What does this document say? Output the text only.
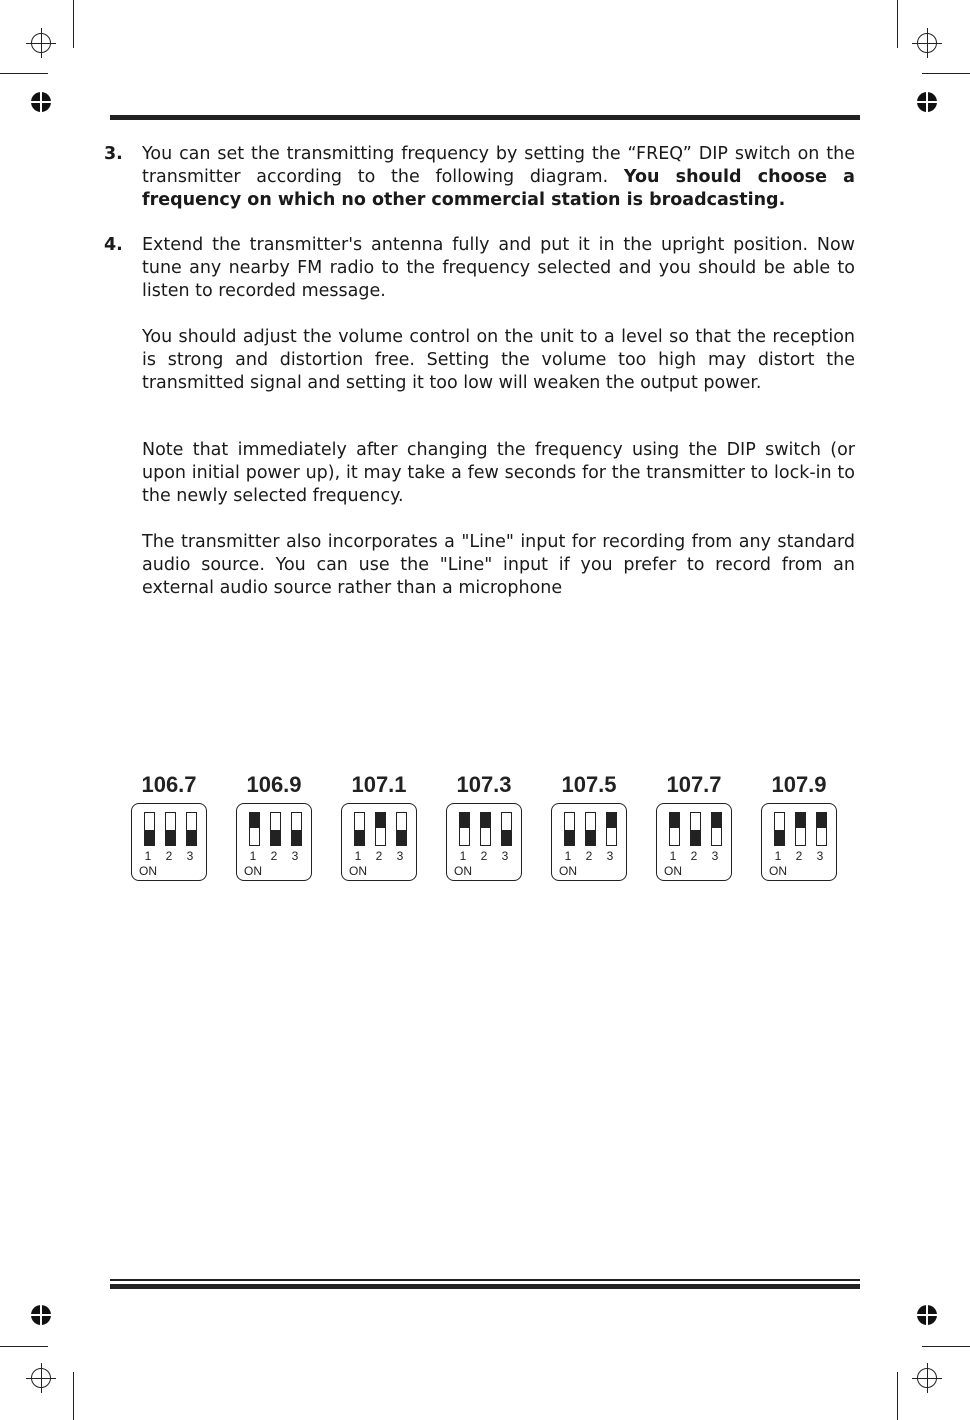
3. You can set the transmitting frequency by setting the “FREQ” DIP switch on the transmitter according to the following diagram. You should choose a frequency on which no other commercial station is broadcasting.

4. Extend the transmitter's antenna fully and put it in the upright position. Now tune any nearby FM radio to the frequency selected and you should be able to listen to recorded message.

You should adjust the volume control on the unit to a level so that the reception is strong and distortion free. Setting the volume too high may distort the transmitted signal and setting it too low will weaken the output power.

Note that immediately after changing the frequency using the DIP switch (or upon initial power up), it may take a few seconds for the transmitter to lock-in to the newly selected frequency.

The transmitter also incorporates a "Line" input for recording from any standard audio source. You can use the "Line" input if you prefer to record from an external audio source rather than a microphone

106.7
1 2 3
ON
106.9
1 2 3
ON
107.1
1 2 3
ON
107.3
1 2 3
ON
107.5
1 2 3
ON
107.7
1 2 3
ON
107.9
1 2 3
ON
